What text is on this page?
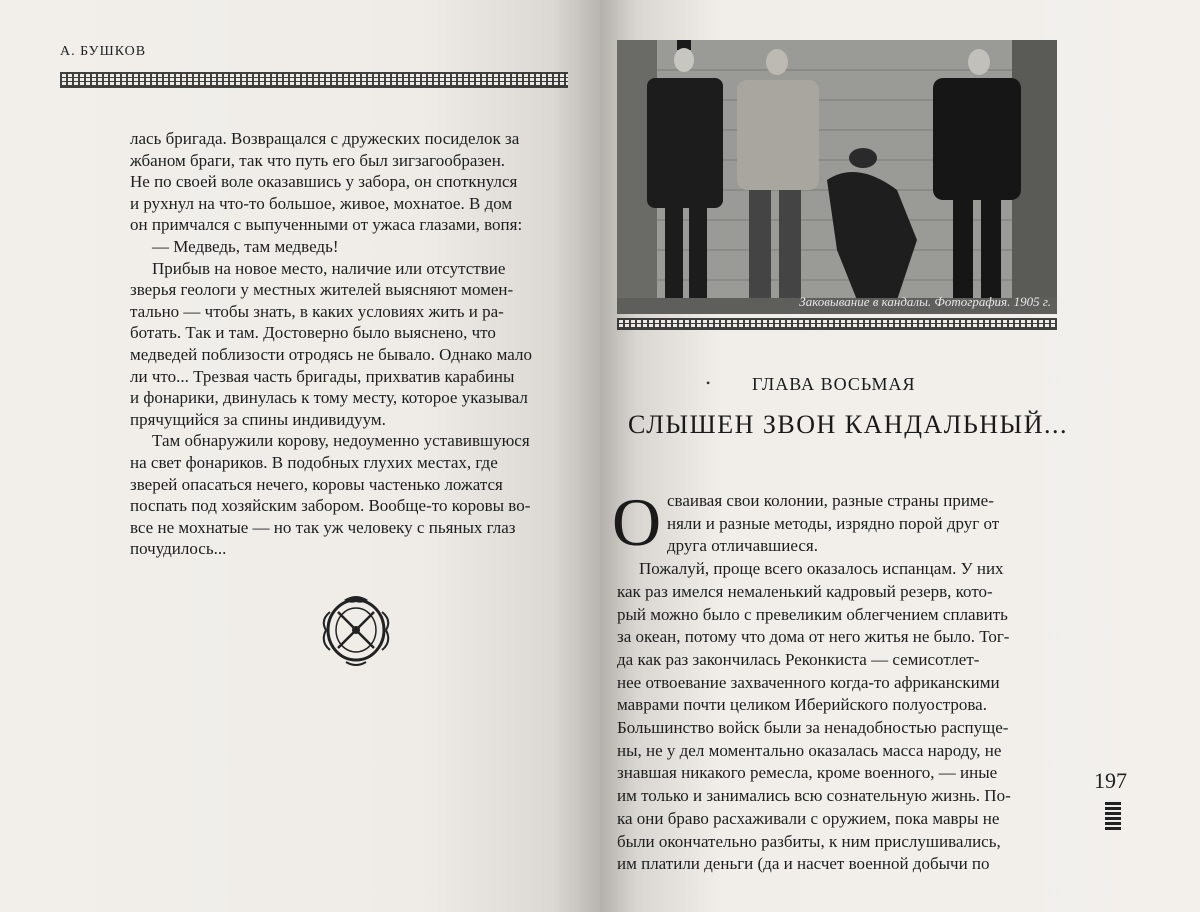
А. БУШКОВ

лась бригада. Возвращался с дружеских посиделок за

жбаном браги, так что путь его был зигзагообразен.

Не по своей воле оказавшись у забора, он споткнулся

и рухнул на что-то большое, живое, мохнатое. В дом

он примчался с выпученными от ужаса глазами, вопя:

— Медведь, там медведь!

Прибыв на новое место, наличие или отсутствие

зверья геологи у местных жителей выясняют момен-

тально — чтобы знать, в каких условиях жить и ра-

ботать. Так и там. Достоверно было выяснено, что

медведей поблизости отродясь не бывало. Однако мало

ли что... Трезвая часть бригады, прихватив карабины

и фонарики, двинулась к тому месту, которое указывал

прячущийся за спины индивидуум.

Там обнаружили корову, недоуменно уставившуюся

на свет фонариков. В подобных глухих местах, где

зверей опасаться нечего, коровы частенько ложатся

поспать под хозяйским забором. Вообще-то коровы во-

все не мохнатые — но так уж человеку с пьяных глаз

почудилось...

Заковывание в кандалы. Фотография. 1905 г.
• ГЛАВА ВОСЬМАЯ
СЛЫШЕН ЗВОН КАНДАЛЬНЫЙ...
О сваивая свои колонии, разные страны приме-

няли и разные методы, изрядно порой друг от

друга отличавшиеся.

Пожалуй, проще всего оказалось испанцам. У них

как раз имелся немаленький кадровый резерв, кото-

рый можно было с превеликим облегчением сплавить

за океан, потому что дома от него житья не было. Тог-

да как раз закончилась Реконкиста — семисотлет-

нее отвоевание захваченного когда-то африканскими

маврами почти целиком Иберийского полуострова.

Большинство войск были за ненадобностью распуще-

ны, не у дел моментально оказалась масса народу, не

знавшая никакого ремесла, кроме военного, — иные

им только и занимались всю сознательную жизнь. По-

ка они браво расхаживали с оружием, пока мавры не

были окончательно разбиты, к ним прислушивались,

им платили деньги (да и насчет военной добычи по

197
